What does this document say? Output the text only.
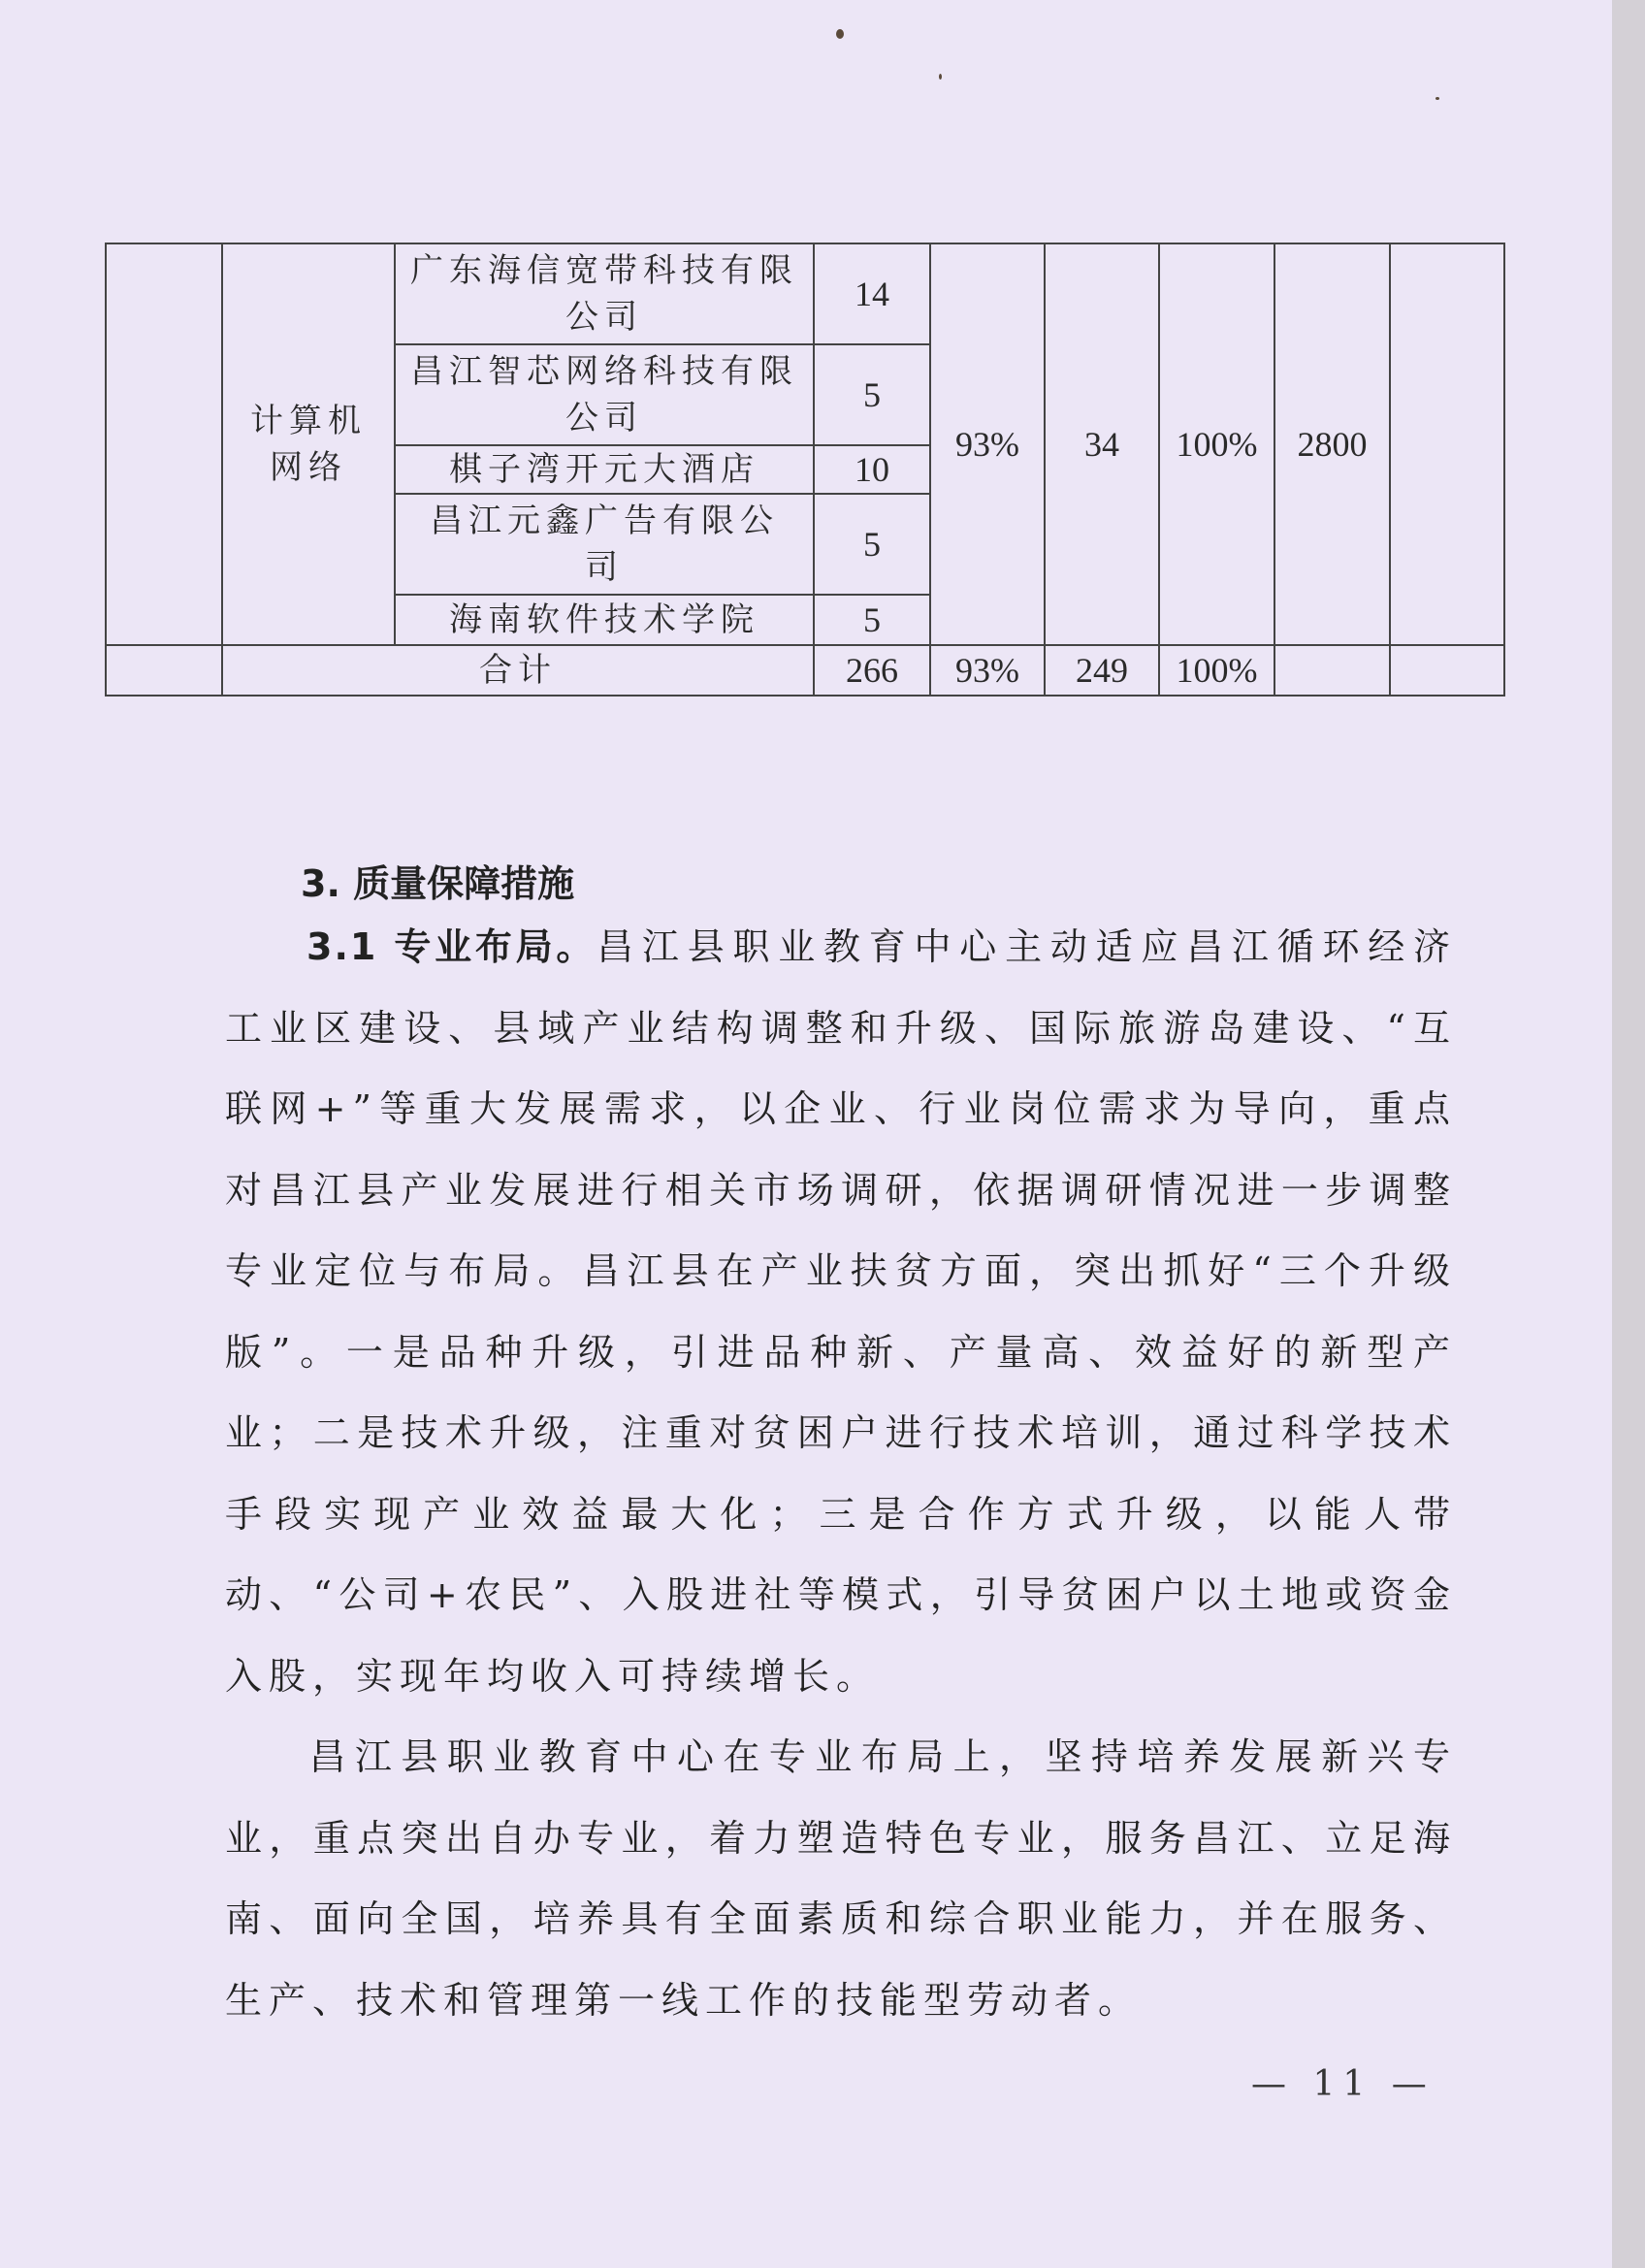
计算机
网络

广东海信宽带科技有限
公司
	14	93%	34	100%	2800	

		昌江智芯网络科技有限
公司	5					

		棋子湾开元大酒店	10					

		昌江元鑫广告有限公
司	5					

		海南软件技术学院	5					
	合计		266	93%	249	100%		
3. 质量保障措施
3.1 专业布局。昌江县职业教育中心主动适应昌江循环经济工业区建设、县域产业结构调整和升级、国际旅游岛建设、“互联网+”等重大发展需求，以企业、行业岗位需求为导向，重点对昌江县产业发展进行相关市场调研，依据调研情况进一步调整专业定位与布局。昌江县在产业扶贫方面，突出抓好“三个升级版”。一是品种升级，引进品种新、产量高、效益好的新型产业；二是技术升级，注重对贫困户进行技术培训，通过科学技术手段实现产业效益最大化；三是合作方式升级，以能人带动、“公司+农民”、入股进社等模式，引导贫困户以土地或资金入股，实现年均收入可持续增长。
昌江县职业教育中心在专业布局上，坚持培养发展新兴专业，重点突出自办专业，着力塑造特色专业，服务昌江、立足海南、面向全国，培养具有全面素质和综合职业能力，并在服务、生产、技术和管理第一线工作的技能型劳动者。
— 11 —
